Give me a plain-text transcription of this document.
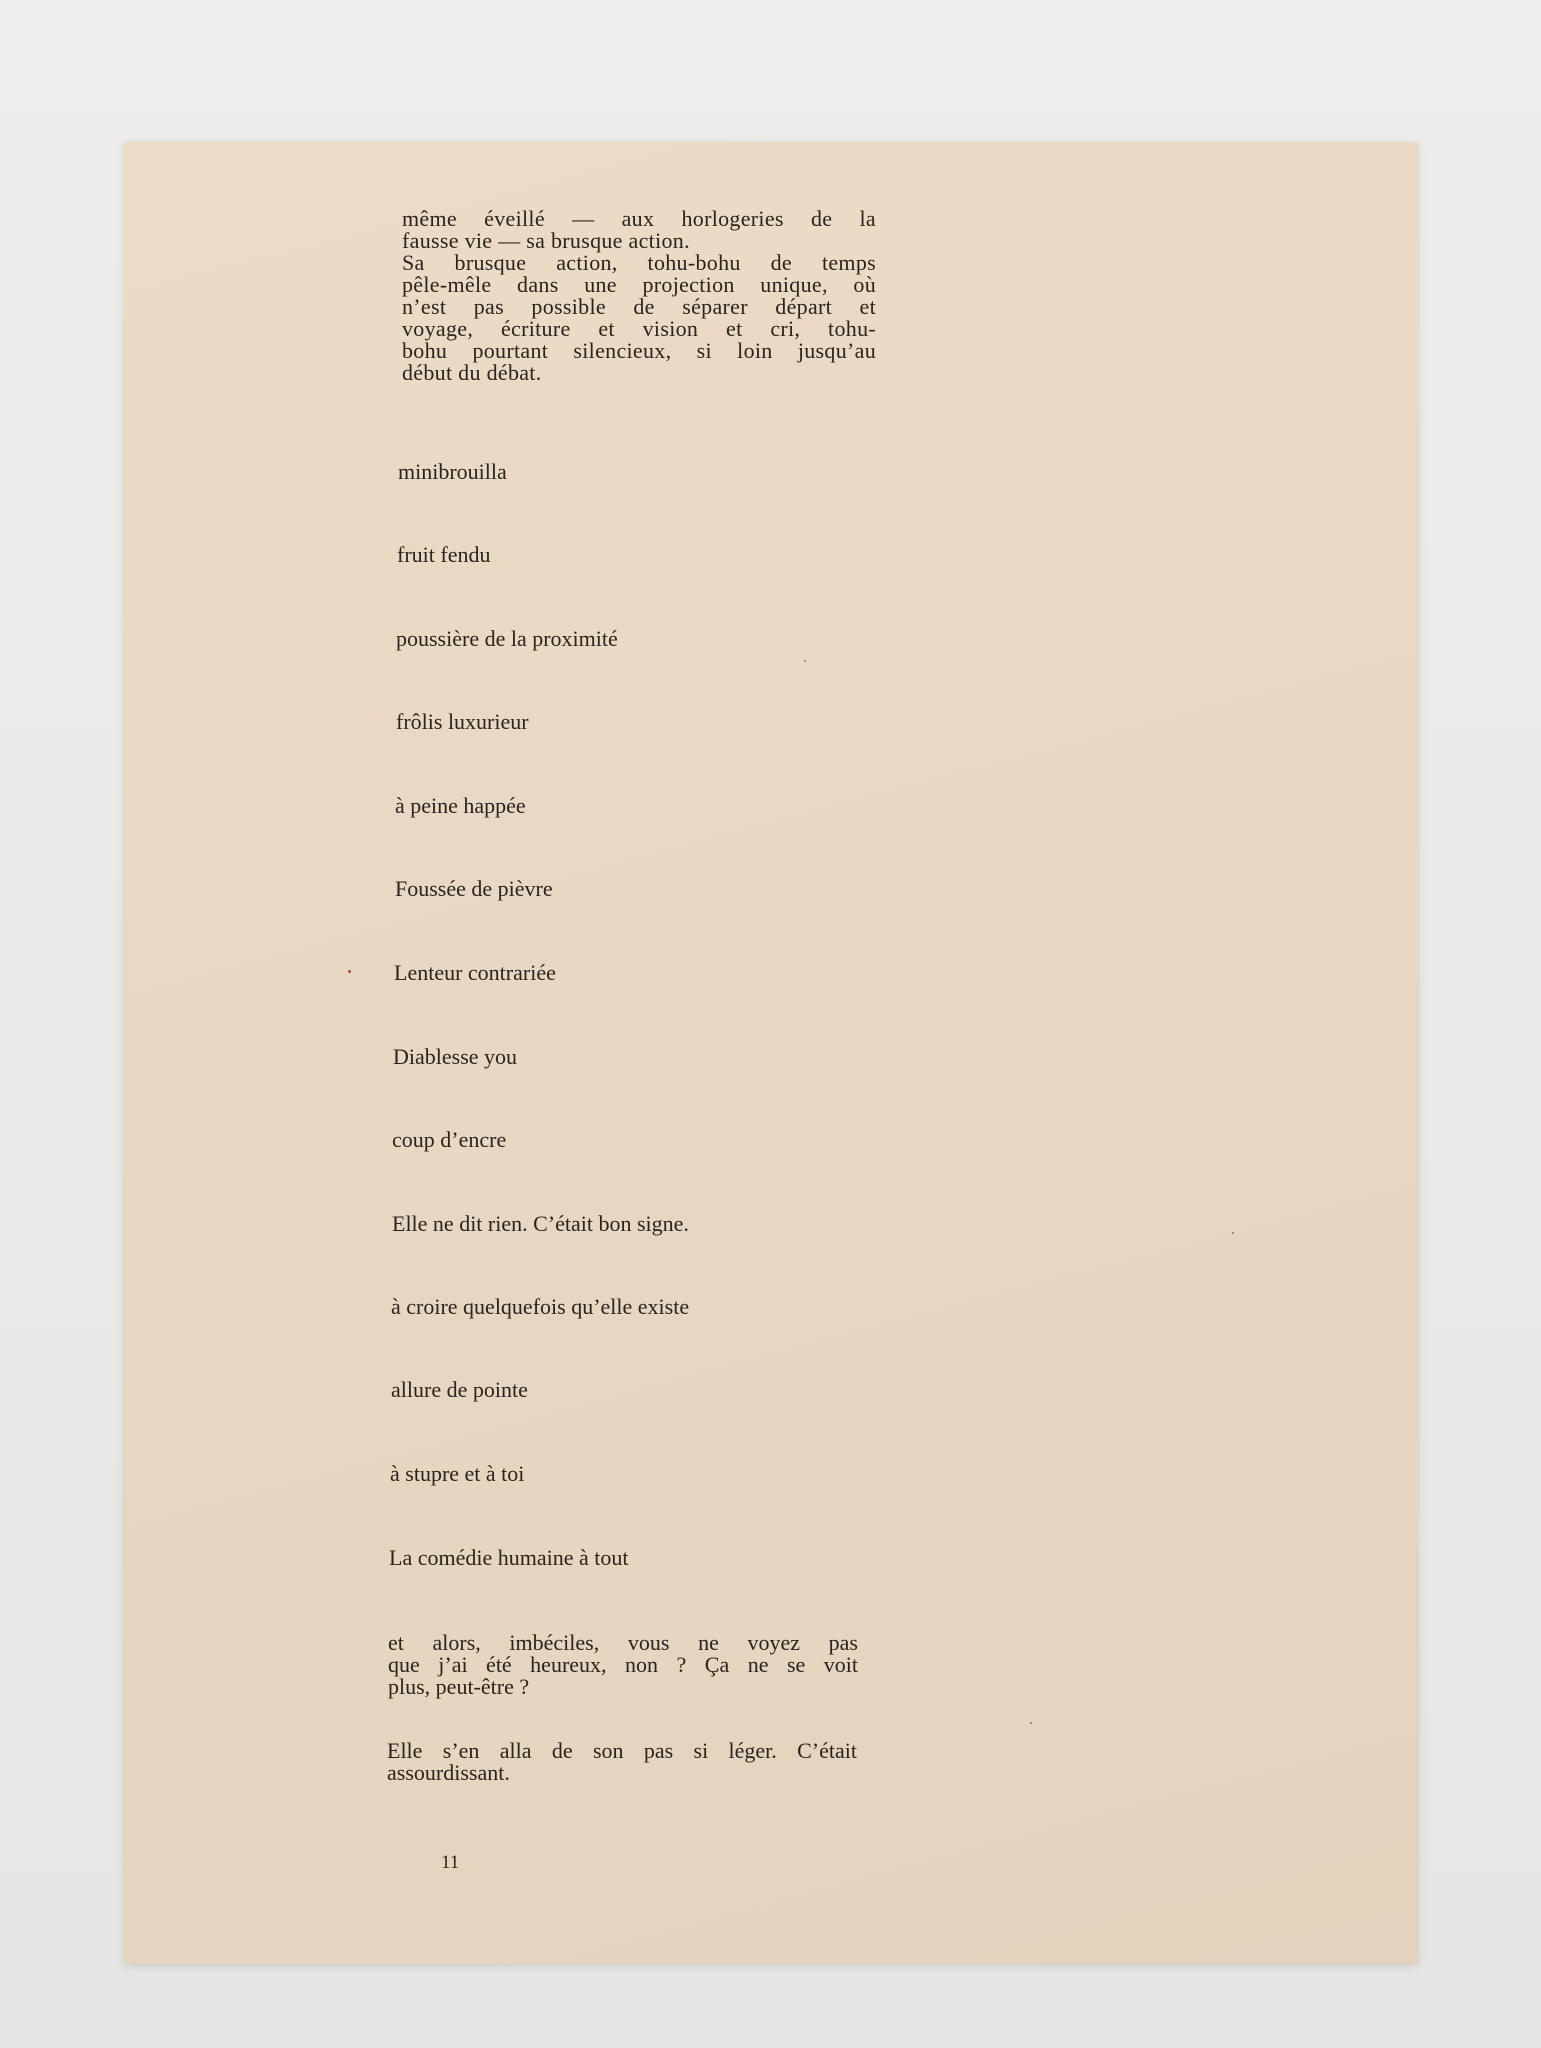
même éveillé — aux horlogeries de la
fausse vie — sa brusque action.
Sa brusque action, tohu-bohu de temps
pêle-mêle dans une projection unique, où
n’est pas possible de séparer départ et
voyage, écriture et vision et cri, tohu-
bohu pourtant silencieux, si loin jusqu’au
début du débat.
minibrouilla
fruit fendu
poussière de la proximité
frôlis luxurieur
à peine happée
Foussée de pièvre
Lenteur contrariée
Diablesse you
coup d’encre
Elle ne dit rien. C’était bon signe.
à croire quelquefois qu’elle existe
allure de pointe
à stupre et à toi
La comédie humaine à tout
et alors, imbéciles, vous ne voyez pas
que j’ai été heureux, non ? Ça ne se voit
plus, peut-être ?
Elle s’en alla de son pas si léger. C’était
assourdissant.
11
